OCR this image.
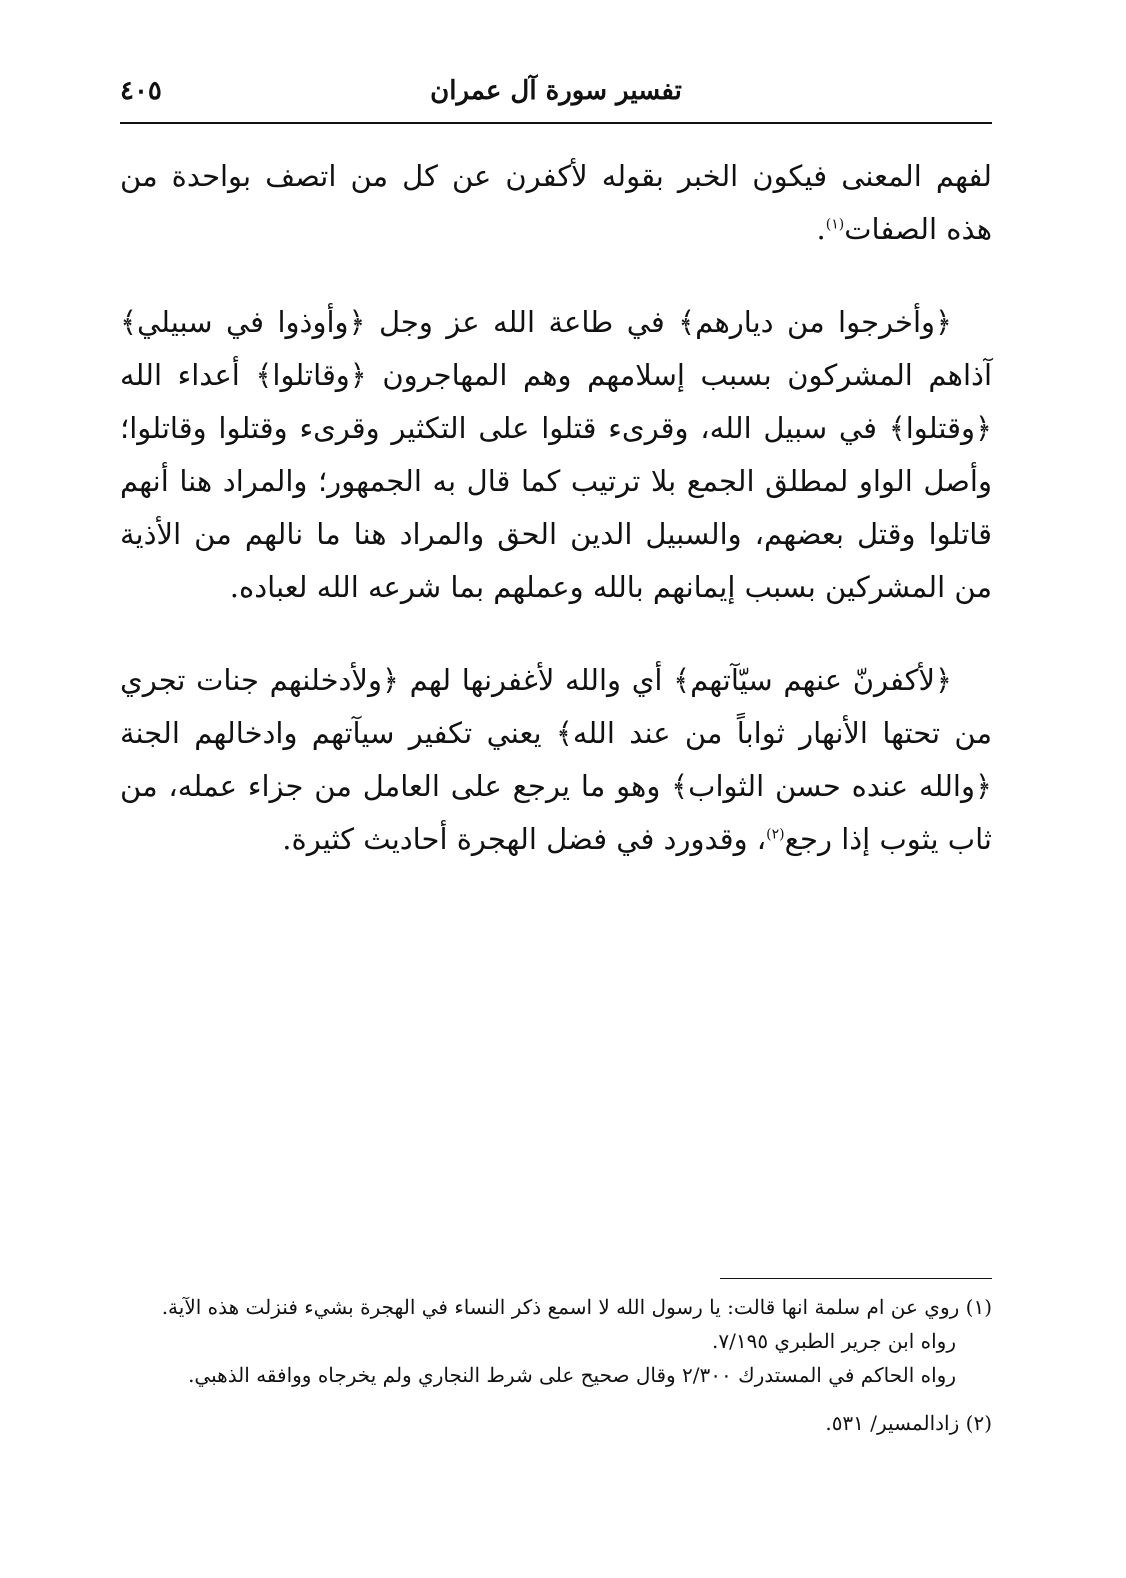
تفسير سورة آل عمران
٤٠٥

لفهم المعنى فيكون الخبر بقوله لأكفرن عن كل من اتصف بواحدة من هذه الصفات$^{(١)}$.

﴿وأخرجوا من ديارهم﴾ في طاعة الله عز وجل ﴿وأوذوا في سبيلي﴾ آذاهم المشركون بسبب إسلامهم وهم المهاجرون ﴿وقاتلوا﴾ أعداء الله ﴿وقتلوا﴾ في سبيل الله، وقرىء قتلوا على التكثير وقرىء وقتلوا وقاتلوا؛ وأصل الواو لمطلق الجمع بلا ترتيب كما قال به الجمهور؛ والمراد هنا أنهم قاتلوا وقتل بعضهم، والسبيل الدين الحق والمراد هنا ما نالهم من الأذية من المشركين بسبب إيمانهم بالله وعملهم بما شرعه الله لعباده.

﴿لأكفرنّ عنهم سيّآتهم﴾ أي والله لأغفرنها لهم ﴿ولأدخلنهم جنات تجري من تحتها الأنهار ثواباً من عند الله﴾ يعني تكفير سيآتهم وادخالهم الجنة ﴿والله عنده حسن الثواب﴾ وهو ما يرجع على العامل من جزاء عمله، من ثاب يثوب إذا رجع$^{(٢)}$، وقدورد في فضل الهجرة أحاديث كثيرة.

(١) روي عن ام سلمة انها قالت: يا رسول الله لا اسمع ذكر النساء في الهجرة بشيء فنزلت هذه الآية.

رواه ابن جرير الطبري ٧/١٩٥.

رواه الحاكم في المستدرك ٢/٣٠٠ وقال صحيح على شرط النجاري ولم يخرجاه ووافقه الذهبي.

(٢) زادالمسير/ ٥٣١.
